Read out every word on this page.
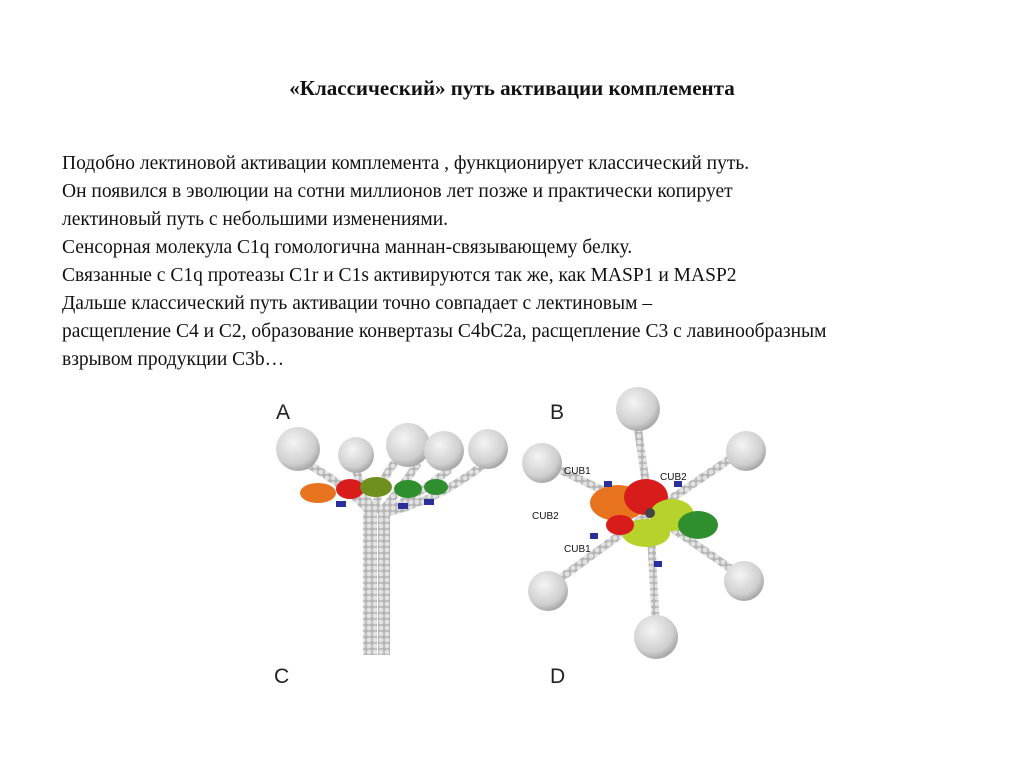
«Классический» путь активации комплемента
Подобно лектиновой активации комплемента , функционирует классический путь.
Он появился в эволюции на сотни миллионов лет позже и практически копирует
лектиновый путь с небольшими изменениями.
Сенсорная молекула C1q гомологична маннан-связывающему белку.
Связанные с C1q протеазы C1r и C1s активируются так же, как MASP1 и MASP2
Дальше классический путь активации точно совпадает с лектиновым –
расщепление C4 и C2, образование конвертазы C4bC2a, расщепление C3 с лавинообразным
взрывом продукции C3b…
A	B
CUB1
CUB2
CUB2
CUB1
C	D
